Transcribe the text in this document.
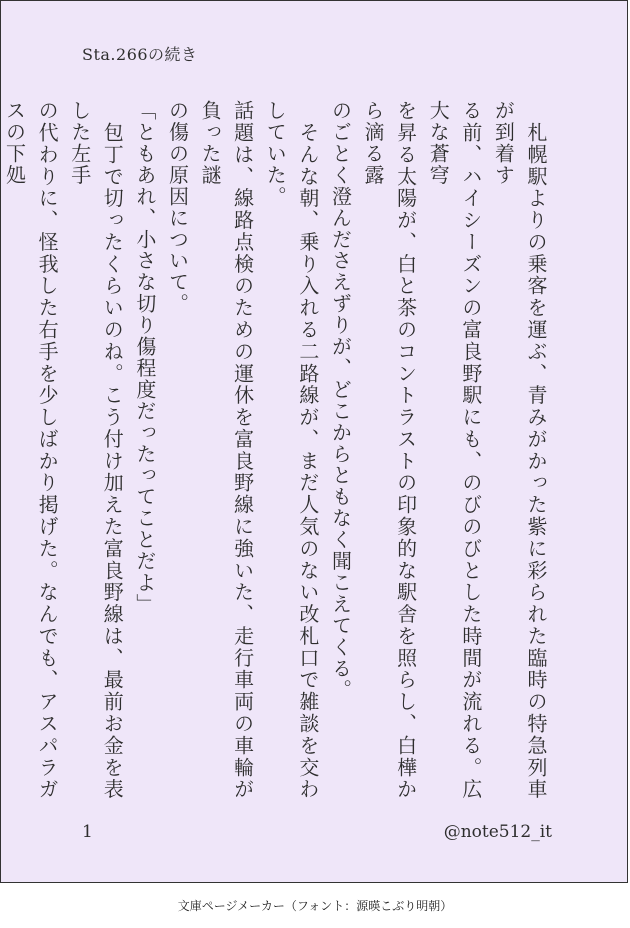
Sta.266の続き

　札幌駅よりの乗客を運ぶ、青みがかった紫に彩られた臨時の特急列車が到着す

る前、ハイシーズンの富良野駅にも、のびのびとした時間が流れる。広大な蒼穹

を昇る太陽が、白と茶のコントラストの印象的な駅舎を照らし、白樺から滴る露

のごとく澄んださえずりが、どこからともなく聞こえてくる。

　そんな朝、乗り入れる二路線が、まだ人気のない改札口で雑談を交わしていた。

話題は、線路点検のための運休を富良野線に強いた、走行車両の車輪が負った謎

の傷の原因について。

「ともあれ、小さな切り傷程度だったってことだよ」

　包丁で切ったくらいのね。こう付け加えた富良野線は、最前お金を表した左手

の代わりに、怪我した右手を少しばかり掲げた。なんでも、アスパラガスの下処

1	@note512_it
文庫ページメーカー（フォント：源暎こぶり明朝）
